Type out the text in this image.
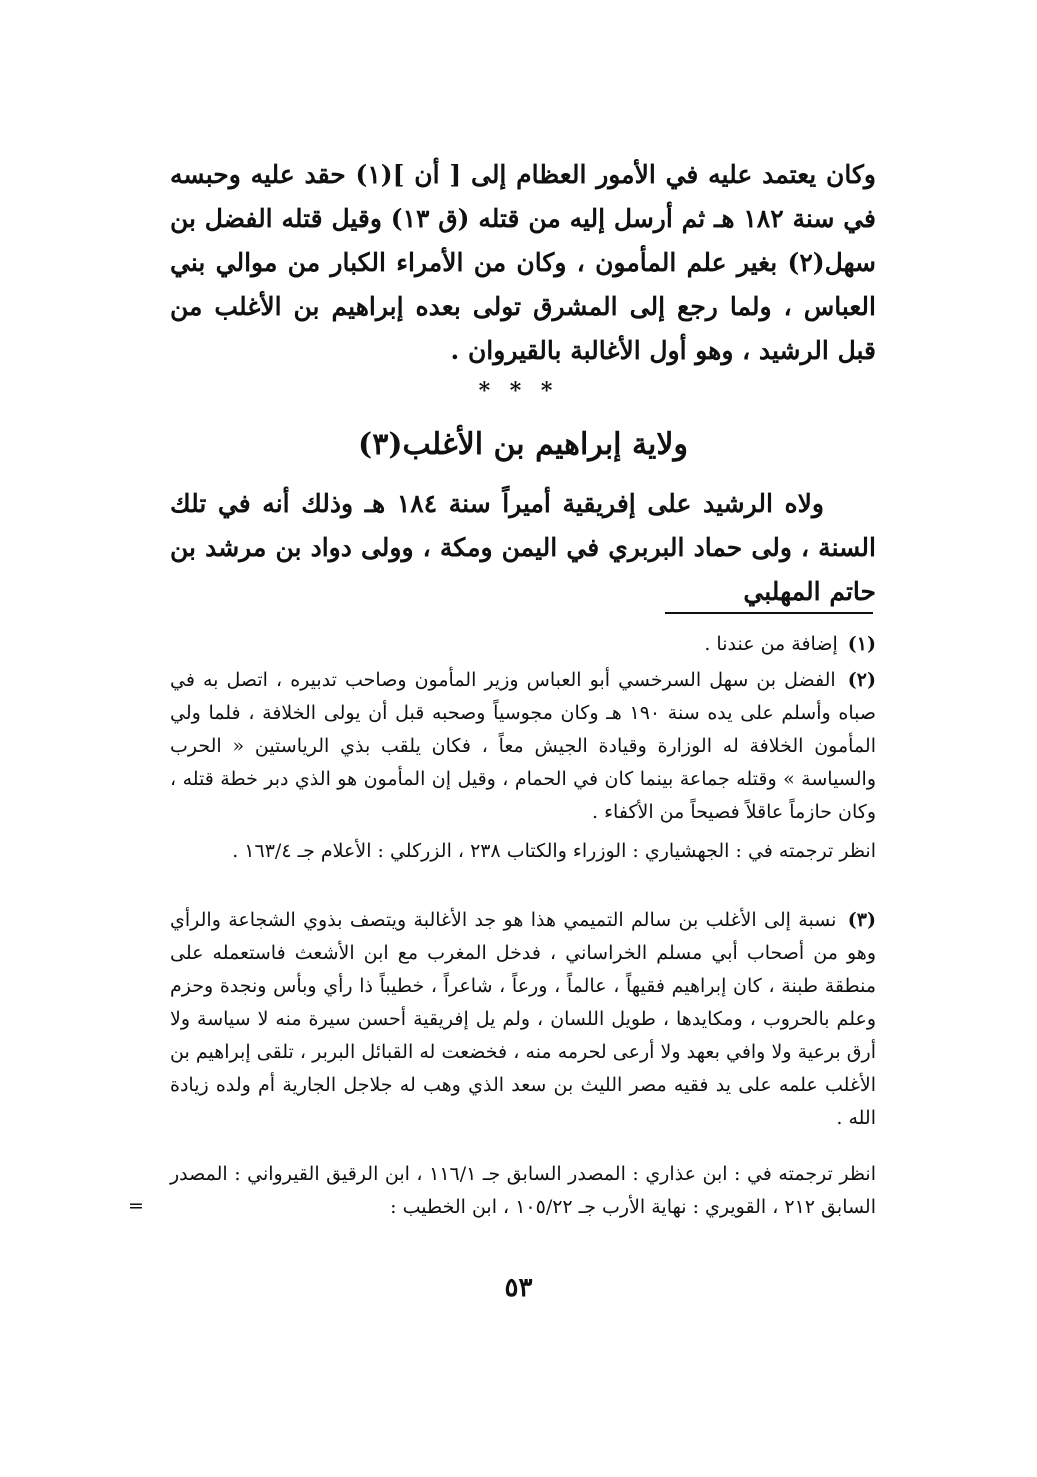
وكان يعتمد عليه في الأمور العظام إلى [ أن ](١) حقد عليه وحبسه في سنة ١٨٢ هـ ثم أرسل إليه من قتله (ق ١٣) وقيل قتله الفضل بن سهل(٢) بغير علم المأمون ، وكان من الأمراء الكبار من موالي بني العباس ، ولما رجع إلى المشرق تولى بعده إبراهيم بن الأغلب من قبل الرشيد ، وهو أول الأغالبة بالقيروان .
* * *
ولاية إبراهيم بن الأغلب(٣)
ولاه الرشيد على إفريقية أميراً سنة ١٨٤ هـ وذلك أنه في تلك السنة ، ولى حماد البربري في اليمن ومكة ، وولى دواد بن مرشد بن حاتم المهلبي
(١) إضافة من عندنا .
(٢) الفضل بن سهل السرخسي أبو العباس وزير المأمون وصاحب تدبيره ، اتصل به في صباه وأسلم على يده سنة ١٩٠ هـ وكان مجوسياً وصحبه قبل أن يولى الخلافة ، فلما ولي المأمون الخلافة له الوزارة وقيادة الجيش معاً ، فكان يلقب بذي الرياستين « الحرب والسياسة » وقتله جماعة بينما كان في الحمام ، وقيل إن المأمون هو الذي دبر خطة قتله ، وكان حازماً عاقلاً فصيحاً من الأكفاء .
انظر ترجمته في : الجهشياري : الوزراء والكتاب ٢٣٨ ، الزركلي : الأعلام جـ ١٦٣/٤ .
(٣) نسبة إلى الأغلب بن سالم التميمي هذا هو جد الأغالبة ويتصف بذوي الشجاعة والرأي وهو من أصحاب أبي مسلم الخراساني ، فدخل المغرب مع ابن الأشعث فاستعمله على منطقة طبنة ، كان إبراهيم فقيهاً ، عالماً ، ورعاً ، شاعراً ، خطيباً ذا رأي وبأس ونجدة وحزم وعلم بالحروب ، ومكايدها ، طويل اللسان ، ولم يل إفريقية أحسن سيرة منه لا سياسة ولا أرق برعية ولا وافي بعهد ولا أرعى لحرمه منه ، فخضعت له القبائل البربر ، تلقى إبراهيم بن الأغلب علمه على يد فقيه مصر الليث بن سعد الذي وهب له جلاجل الجارية أم ولده زيادة الله .
انظر ترجمته في : ابن عذاري : المصدر السابق جـ ١١٦/١ ، ابن الرقيق القيرواني : المصدر السابق ٢١٢ ، القويري : نهاية الأرب جـ ١٠٥/٢٢ ، ابن الخطيب :
=
٥٣
